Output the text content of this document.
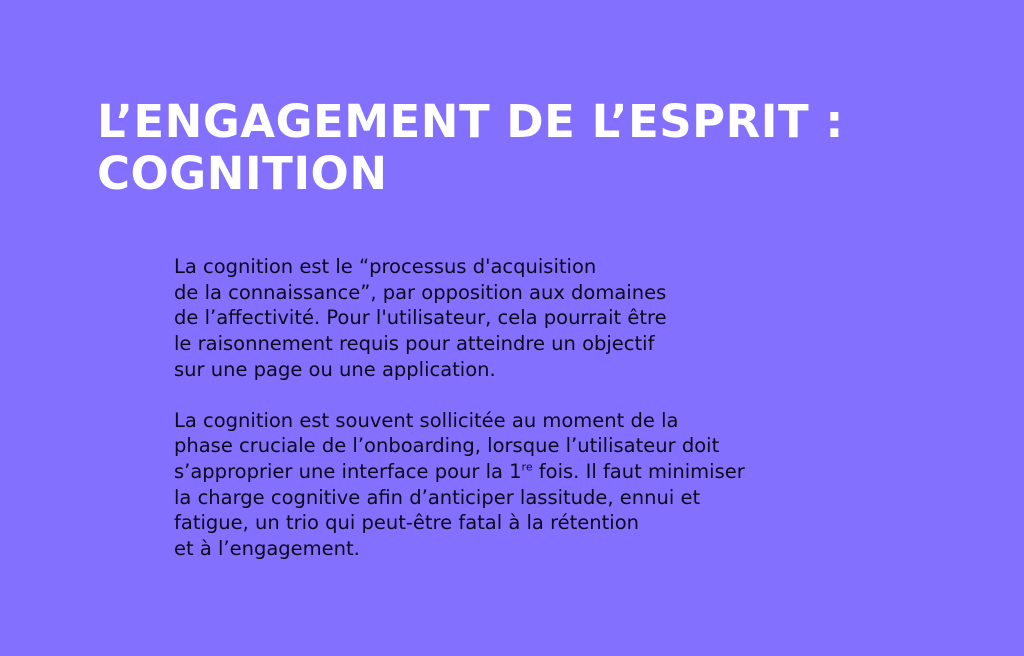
L’ENGAGEMENT DE L’ESPRIT :
COGNITION

La cognition est le “processus d'acquisition
de la connaissance”, par opposition aux domaines
de l’affectivité. Pour l'utilisateur, cela pourrait être
le raisonnement requis pour atteindre un objectif
sur une page ou une application.

La cognition est souvent sollicitée au moment de la
phase cruciale de l’onboarding, lorsque l’utilisateur doit
s’approprier une interface pour la 1re fois. Il faut minimiser
la charge cognitive afin d’anticiper lassitude, ennui et
fatigue, un trio qui peut-être fatal à la rétention
et à l’engagement.
